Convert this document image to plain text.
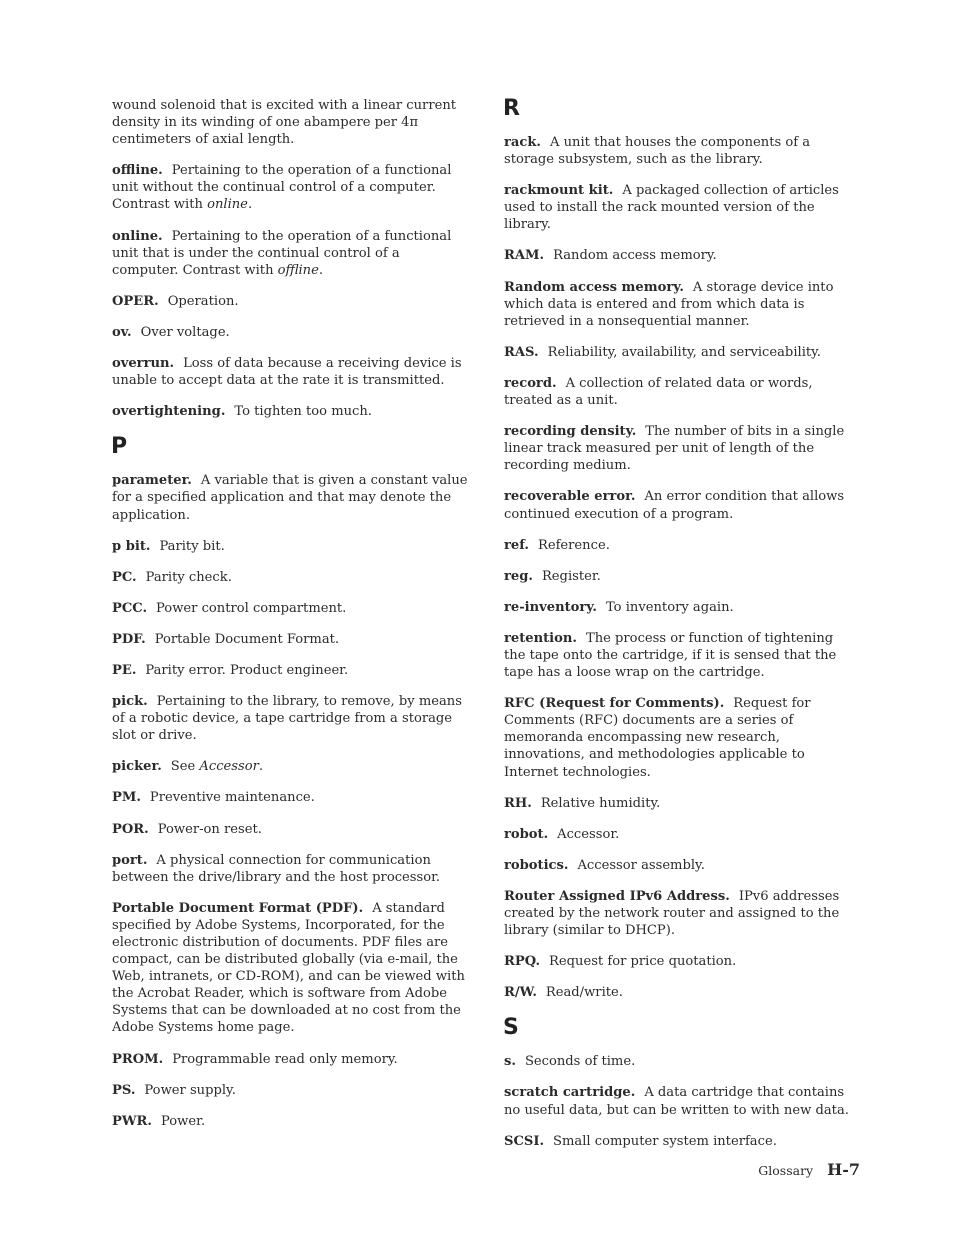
wound solenoid that is excited with a linear current density in its winding of one abampere per 4π centimeters of axial length.
offline. Pertaining to the operation of a functional unit without the continual control of a computer. Contrast with online.
online. Pertaining to the operation of a functional unit that is under the continual control of a computer. Contrast with offline.
OPER. Operation.
ov. Over voltage.
overrun. Loss of data because a receiving device is unable to accept data at the rate it is transmitted.
overtightening. To tighten too much.
P
parameter. A variable that is given a constant value for a specified application and that may denote the application.
p bit. Parity bit.
PC. Parity check.
PCC. Power control compartment.
PDF. Portable Document Format.
PE. Parity error. Product engineer.
pick. Pertaining to the library, to remove, by means of a robotic device, a tape cartridge from a storage slot or drive.
picker. See Accessor.
PM. Preventive maintenance.
POR. Power-on reset.
port. A physical connection for communication between the drive/library and the host processor.
Portable Document Format (PDF). A standard specified by Adobe Systems, Incorporated, for the electronic distribution of documents. PDF files are compact, can be distributed globally (via e-mail, the Web, intranets, or CD-ROM), and can be viewed with the Acrobat Reader, which is software from Adobe Systems that can be downloaded at no cost from the Adobe Systems home page.
PROM. Programmable read only memory.
PS. Power supply.
PWR. Power.
R
rack. A unit that houses the components of a storage subsystem, such as the library.
rackmount kit. A packaged collection of articles used to install the rack mounted version of the library.
RAM. Random access memory.
Random access memory. A storage device into which data is entered and from which data is retrieved in a nonsequential manner.
RAS. Reliability, availability, and serviceability.
record. A collection of related data or words, treated as a unit.
recording density. The number of bits in a single linear track measured per unit of length of the recording medium.
recoverable error. An error condition that allows continued execution of a program.
ref. Reference.
reg. Register.
re-inventory. To inventory again.
retention. The process or function of tightening the tape onto the cartridge, if it is sensed that the tape has a loose wrap on the cartridge.
RFC (Request for Comments). Request for Comments (RFC) documents are a series of memoranda encompassing new research, innovations, and methodologies applicable to Internet technologies.
RH. Relative humidity.
robot. Accessor.
robotics. Accessor assembly.
Router Assigned IPv6 Address. IPv6 addresses created by the network router and assigned to the library (similar to DHCP).
RPQ. Request for price quotation.
R/W. Read/write.
S
s. Seconds of time.
scratch cartridge. A data cartridge that contains no useful data, but can be written to with new data.
SCSI. Small computer system interface.
Glossary H-7
